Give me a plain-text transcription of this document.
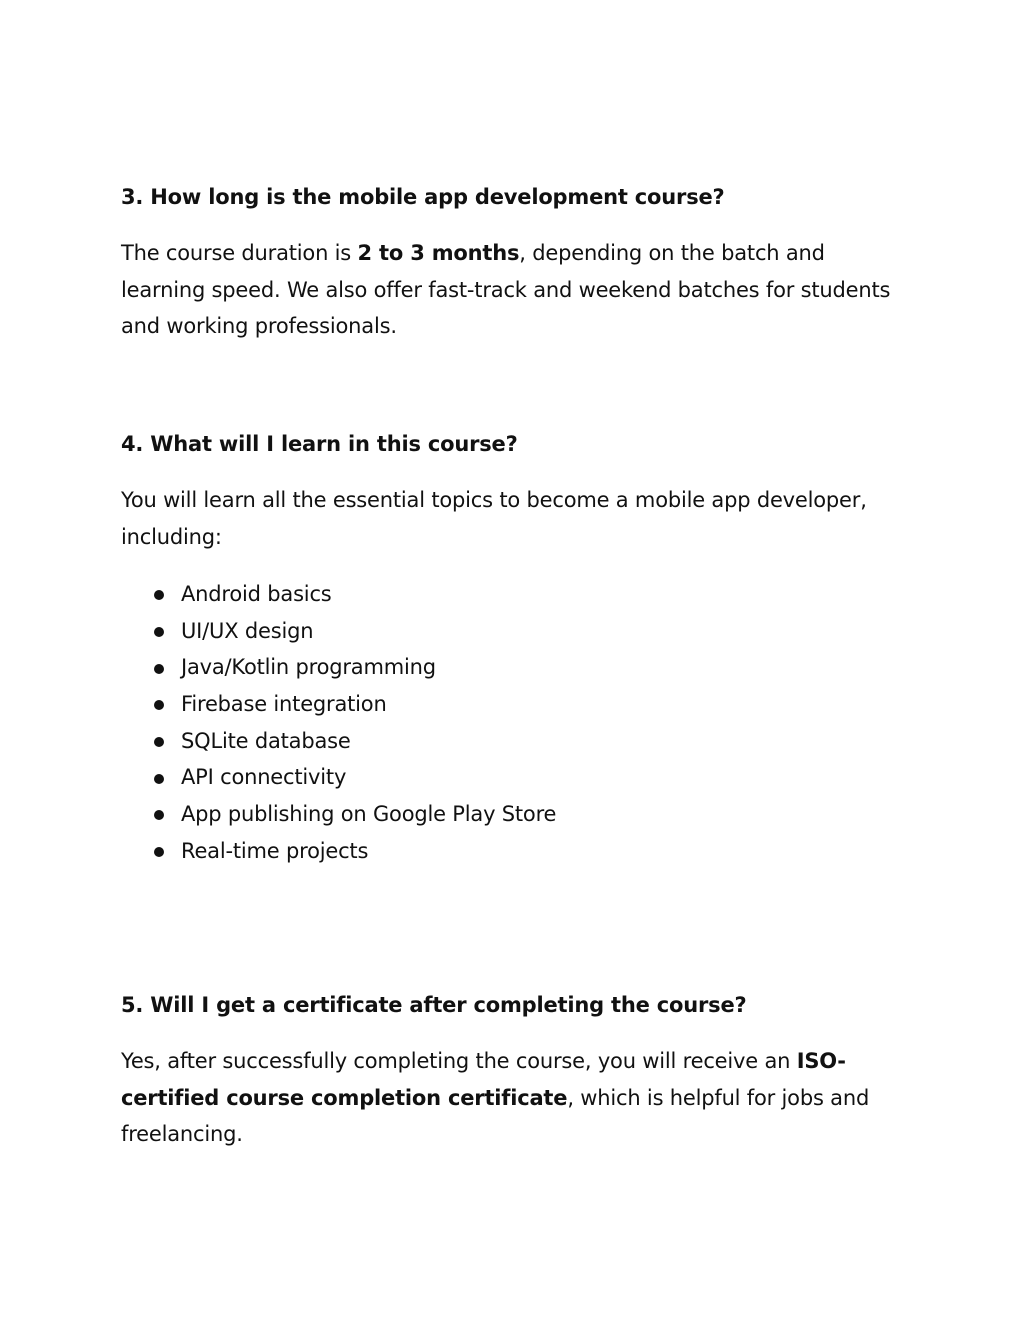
3. How long is the mobile app development course?

The course duration is 2 to 3 months, depending on the batch and learning speed. We also offer fast-track and weekend batches for students and working professionals.

4. What will I learn in this course?

You will learn all the essential topics to become a mobile app developer, including:

Android basics
UI/UX design
Java/Kotlin programming
Firebase integration
SQLite database
API connectivity
App publishing on Google Play Store
Real-time projects
5. Will I get a certificate after completing the course?

Yes, after successfully completing the course, you will receive an ISO-certified course completion certificate, which is helpful for jobs and freelancing.
